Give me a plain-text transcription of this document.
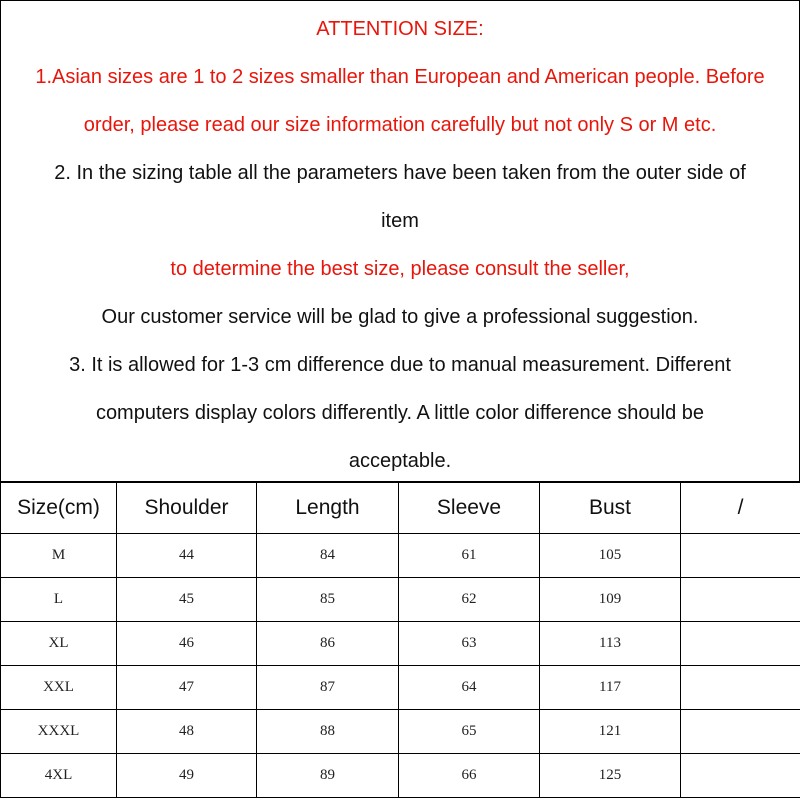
ATTENTION SIZE:

1.Asian sizes are 1 to 2 sizes smaller than European and American people. Before

order, please read our size information carefully but not only S or M etc.

2. In the sizing table all the parameters have been taken from the outer side of

item

to determine the best size, please consult the seller,

Our customer service will be glad to give a professional suggestion.

3. It is allowed for 1-3 cm difference due to manual measurement. Different

computers display colors differently. A little color difference should be

acceptable.

Size(cm)	Shoulder	Length	Sleeve	Bust	/
M	44	84	61	105	
L	45	85	62	109	
XL	46	86	63	113	
XXL	47	87	64	117	
XXXL	48	88	65	121	
4XL	49	89	66	125	
